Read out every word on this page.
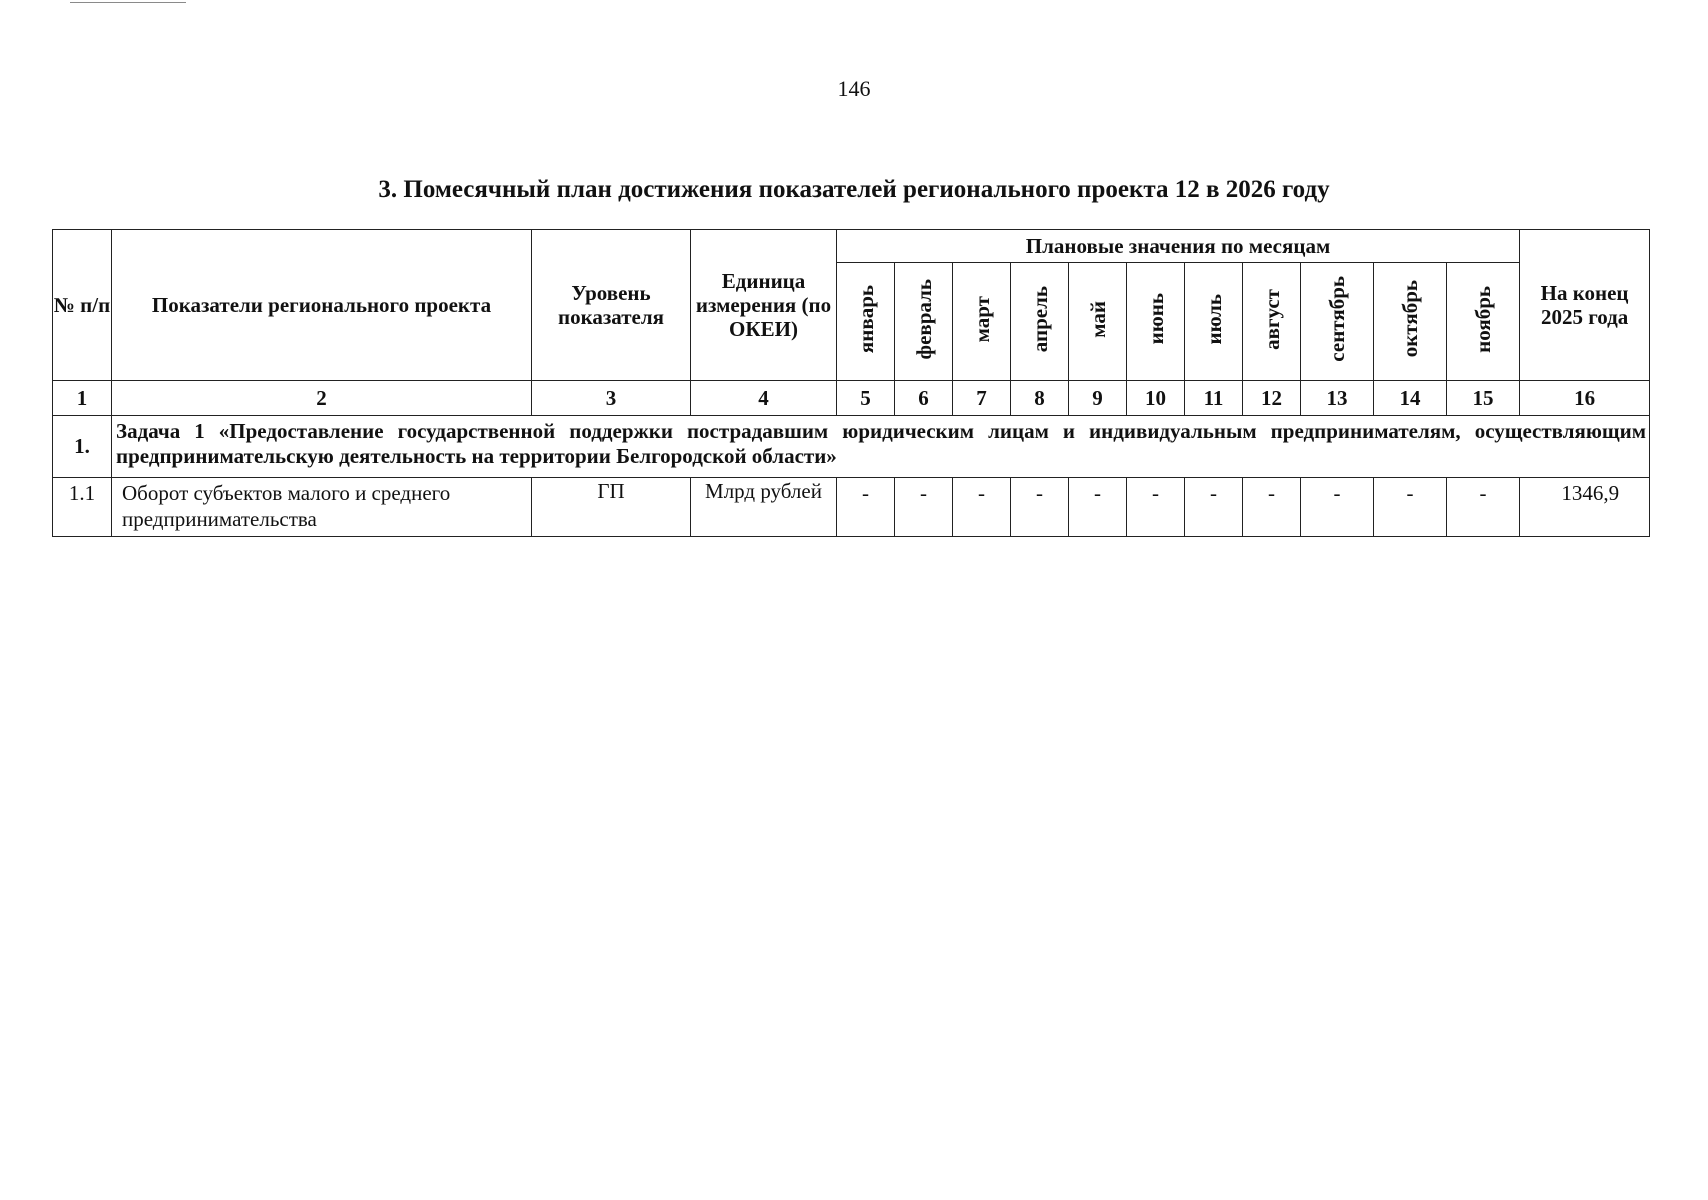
146
3. Помесячный план достижения показателей регионального проекта 12 в 2026 году
№ п/п	Показатели регионального проекта	Уровень показателя	Единица измерения (по ОКЕИ)	Плановые значения по месяцам											На конец 2025 года
				январь	февраль	март	апрель	май	июнь	июль	август	сентябрь	октябрь	ноябрь	
1	2	3	4	5	6	7	8	9	10	11	12	13	14	15	16
1.	Задача 1 «Предоставление государственной поддержки пострадавшим юридическим лицам и индивидуальным предпринимателям, осуществляющим предпринимательскую деятельность на территории Белгородской области»														
1.1	Оборот субъектов малого и среднего предпринимательства	ГП	Млрд рублей	-	-	-	-	-	-	-	-	-	-	-	1346,9
